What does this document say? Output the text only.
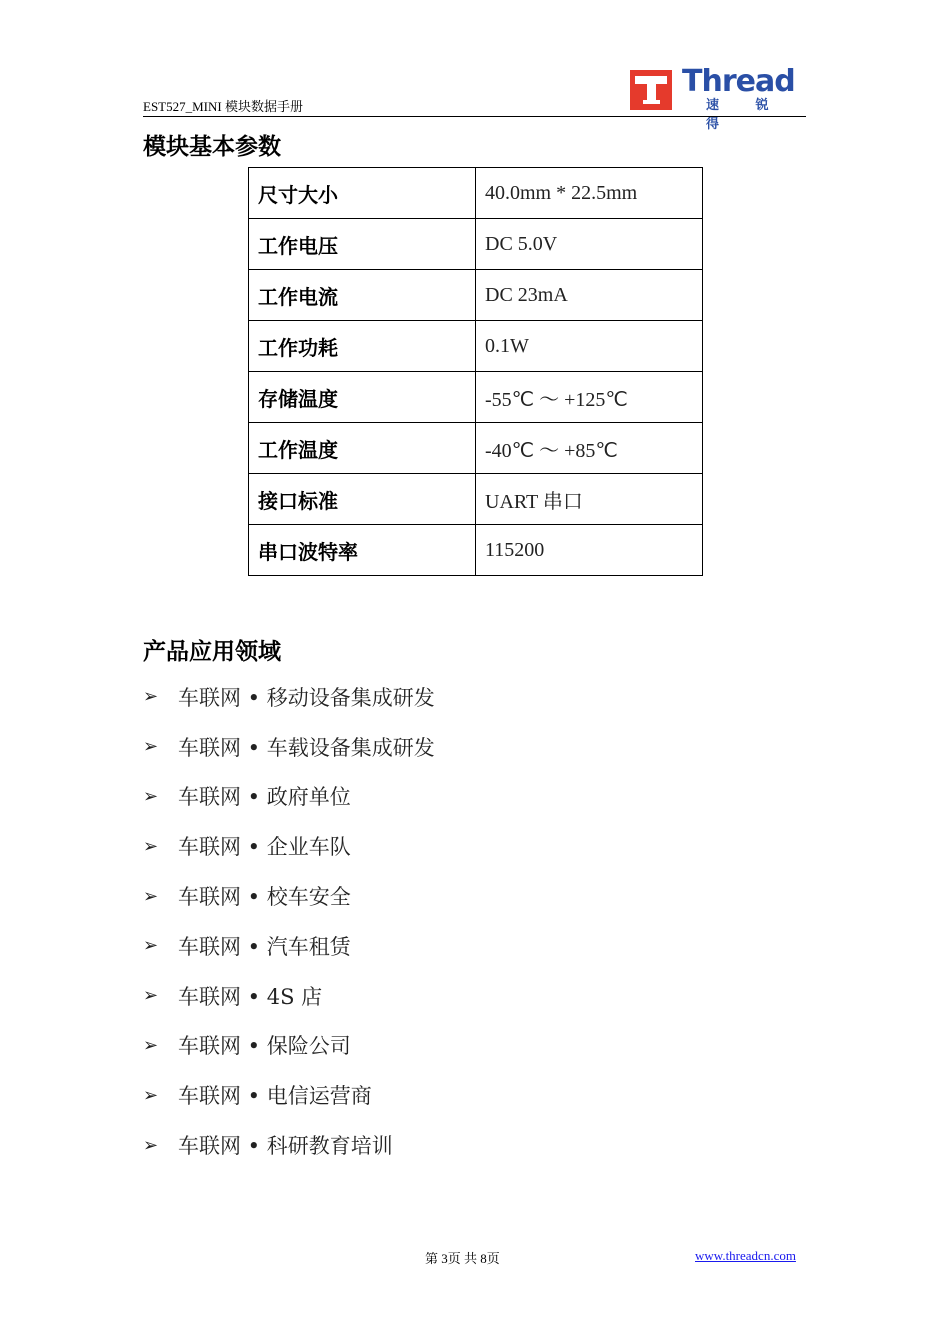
EST527_MINI 模块数据手册
Thread
速 锐 得
模块基本参数
尺寸大小	40.0mm * 22.5mm
工作电压	DC 5.0V
工作电流	DC 23mA
工作功耗	0.1W
存储温度	-55℃ ～ +125℃
工作温度	-40℃ ～ +85℃
接口标准	UART 串口
串口波特率	115200
产品应用领域
➢ 车联网 • 移动设备集成研发
➢ 车联网 • 车载设备集成研发
➢ 车联网 • 政府单位
➢ 车联网 • 企业车队
➢ 车联网 • 校车安全
➢ 车联网 • 汽车租赁
➢ 车联网 • 4S 店
➢ 车联网 • 保险公司
➢ 车联网 • 电信运营商
➢ 车联网 • 科研教育培训
第 3页 共 8页	www.threadcn.com
